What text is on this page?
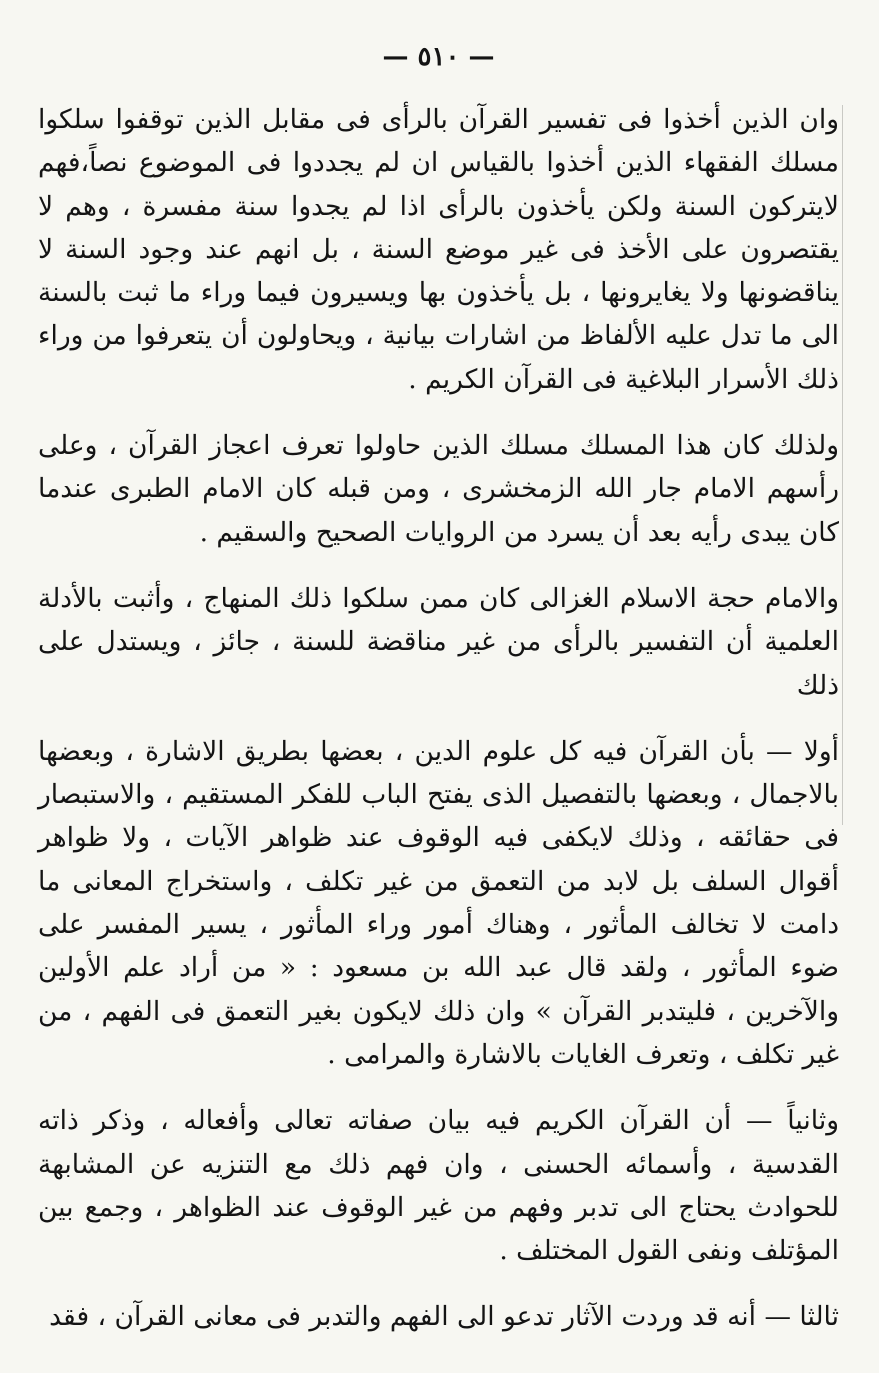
— ٥١٠ —

وان الذين أخذوا فى تفسير القرآن بالرأى فى مقابل الذين توقفوا سلكوا مسلك الفقهاء الذين أخذوا بالقياس ان لم يجددوا فى الموضوع نصاً،فهم لايتركون السنة ولكن يأخذون بالرأى اذا لم يجدوا سنة مفسرة ، وهم لا يقتصرون على الأخذ فى غير موضع السنة ، بل انهم عند وجود السنة لا يناقضونها ولا يغايرونها ، بل يأخذون بها ويسيرون فيما وراء ما ثبت بالسنة الى ما تدل عليه الألفاظ من اشارات بيانية ، ويحاولون أن يتعرفوا من وراء ذلك الأسرار البلاغية فى القرآن الكريم .

ولذلك كان هذا المسلك مسلك الذين حاولوا تعرف اعجاز القرآن ، وعلى رأسهم الامام جار الله الزمخشرى ، ومن قبله كان الامام الطبرى عندما كان يبدى رأيه بعد أن يسرد من الروايات الصحيح والسقيم .

والامام حجة الاسلام الغزالى كان ممن سلكوا ذلك المنهاج ، وأثبت بالأدلة العلمية أن التفسير بالرأى من غير مناقضة للسنة ، جائز ، ويستدل على ذلك

أولا — بأن القرآن فيه كل علوم الدين ، بعضها بطريق الاشارة ، وبعضها بالاجمال ، وبعضها بالتفصيل الذى يفتح الباب للفكر المستقيم ، والاستبصار فى حقائقه ، وذلك لايكفى فيه الوقوف عند ظواهر الآيات ، ولا ظواهر أقوال السلف بل لابد من التعمق من غير تكلف ، واستخراج المعانى ما دامت لا تخالف المأثور ، وهناك أمور وراء المأثور ، يسير المفسر على ضوء المأثور ، ولقد قال عبد الله بن مسعود : « من أراد علم الأولين والآخرين ، فليتدبر القرآن » وان ذلك لايكون بغير التعمق فى الفهم ، من غير تكلف ، وتعرف الغايات بالاشارة والمرامى .

وثانياً — أن القرآن الكريم فيه بيان صفاته تعالى وأفعاله ، وذكر ذاته القدسية ، وأسمائه الحسنى ، وان فهم ذلك مع التنزيه عن المشابهة للحوادث يحتاج الى تدبر وفهم من غير الوقوف عند الظواهر ، وجمع بين المؤتلف ونفى القول المختلف .

ثالثا — أنه قد وردت الآثار تدعو الى الفهم والتدبر فى معانى القرآن ، فقد
